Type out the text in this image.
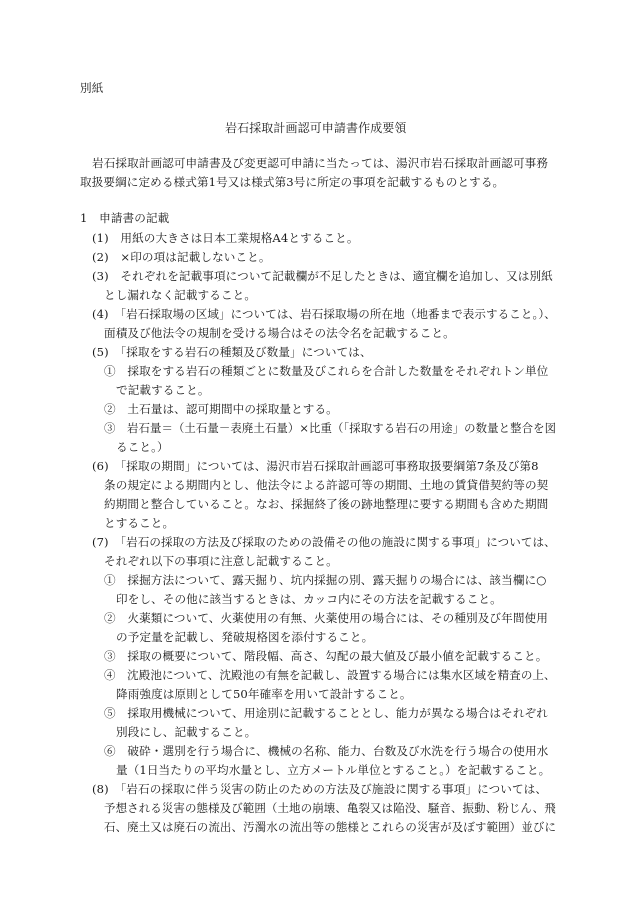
別紙
岩石採取計画認可申請書作成要領
岩石採取計画認可申請書及び変更認可申請に当たっては、湯沢市岩石採取計画認可事務
取扱要綱に定める様式第1号又は様式第3号に所定の事項を記載するものとする。
1　申請書の記載
(1)　用紙の大きさは日本工業規格A4とすること。
(2)　×印の項は記載しないこと。
(3)　それぞれを記載事項について記載欄が不足したときは、適宜欄を追加し、又は別紙
とし漏れなく記載すること。
(4)　「岩石採取場の区域」については、岩石採取場の所在地（地番まで表示すること。）、
面積及び他法令の規制を受ける場合はその法令名を記載すること。
(5)　「採取をする岩石の種類及び数量」については、
①　採取をする岩石の種類ごとに数量及びこれらを合計した数量をそれぞれトン単位
で記載すること。
②　土石量は、認可期間中の採取量とする。
③　岩石量＝（土石量－表廃土石量）×比重（「採取する岩石の用途」の数量と整合を図
ること。）
(6)　「採取の期間」については、湯沢市岩石採取計画認可事務取扱要綱第7条及び第8
条の規定による期間内とし、他法令による許認可等の期間、土地の賃貸借契約等の契
約期間と整合していること。なお、採掘終了後の跡地整理に要する期間も含めた期間
とすること。
(7)　「岩石の採取の方法及び採取のための設備その他の施設に関する事項」については、
それぞれ以下の事項に注意し記載すること。
①　採掘方法について、露天掘り、坑内採掘の別、露天掘りの場合には、該当欄に○
印をし、その他に該当するときは、カッコ内にその方法を記載すること。
②　火薬類について、火薬使用の有無、火薬使用の場合には、その種別及び年間使用
の予定量を記載し、発破規格図を添付すること。
③　採取の概要について、階段幅、高さ、勾配の最大値及び最小値を記載すること。
④　沈殿池について、沈殿池の有無を記載し、設置する場合には集水区域を精査の上、
降雨強度は原則として50年確率を用いて設計すること。
⑤　採取用機械について、用途別に記載することとし、能力が異なる場合はそれぞれ
別段にし、記載すること。
⑥　破砕・選別を行う場合に、機械の名称、能力、台数及び水洗を行う場合の使用水
量（1日当たりの平均水量とし、立方メートル単位とすること。）を記載すること。
(8)　「岩石の採取に伴う災害の防止のための方法及び施設に関する事項」については、
予想される災害の態様及び範囲（土地の崩壊、亀裂又は陥没、騒音、振動、粉じん、飛
石、廃土又は廃石の流出、汚濁水の流出等の態様とこれらの災害が及ぼす範囲）並びに
